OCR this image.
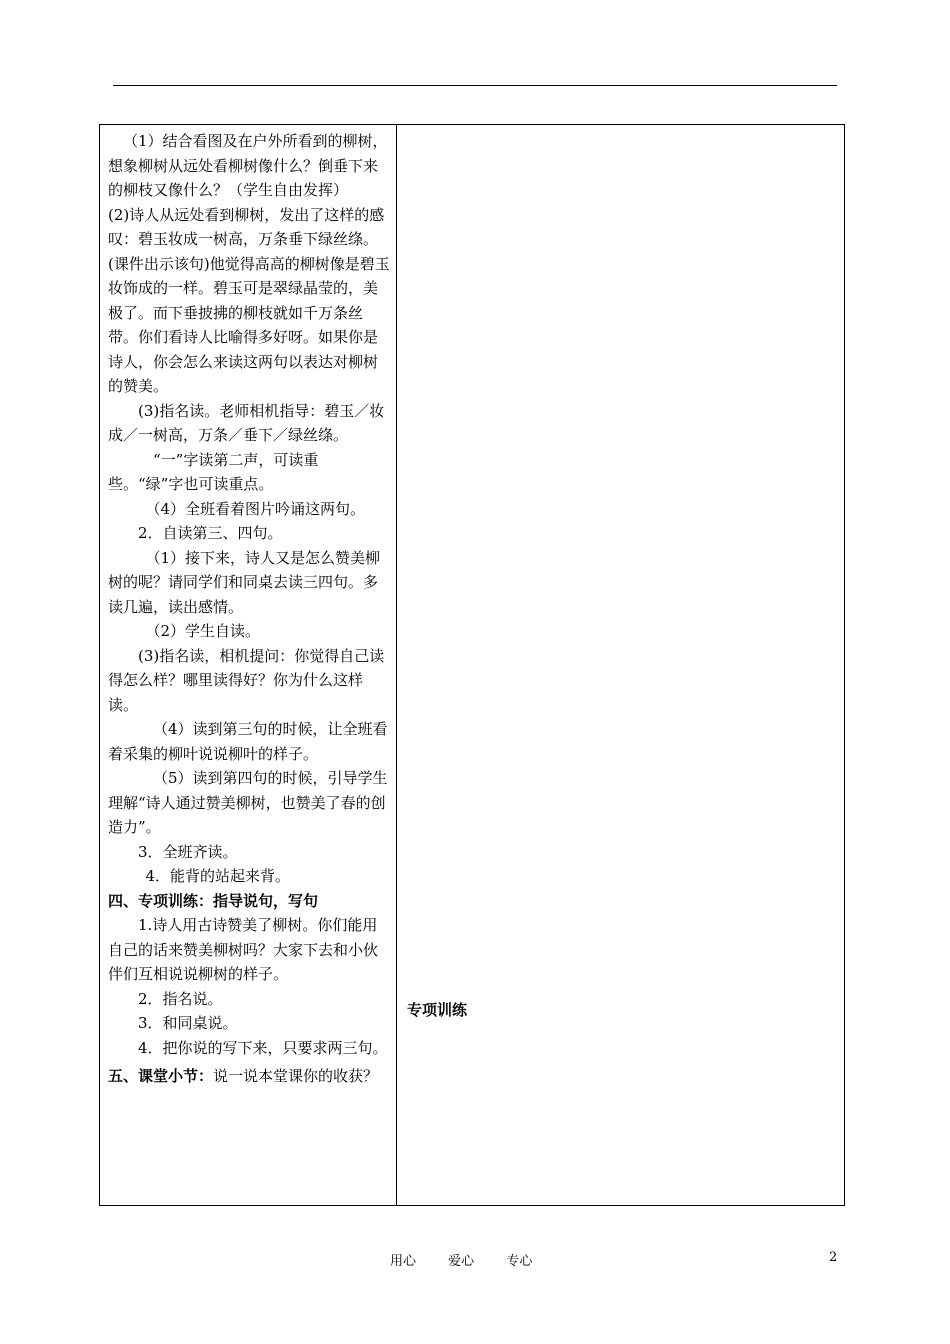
（1）结合看图及在户外所看到的柳树，想象柳树从远处看柳树像什么？倒垂下来的柳枝又像什么？（学生自由发挥）

(2)诗人从远处看到柳树，发出了这样的感叹：碧玉妆成一树高，万条垂下绿丝绦。(课件出示该句)他觉得高高的柳树像是碧玉妆饰成的一样。碧玉可是翠绿晶莹的，美极了。而下垂披拂的柳枝就如千万条丝带。你们看诗人比喻得多好呀。如果你是诗人，你会怎么来读这两句以表达对柳树的赞美。

(3)指名读。老师相机指导：碧玉／妆成／一树高，万条／垂下／绿丝绦。

“一”字读第二声，可读重些。“绿”字也可读重点。

（4）全班看着图片吟诵这两句。

2．自读第三、四句。

（1）接下来，诗人又是怎么赞美柳树的呢？请同学们和同桌去读三四句。多读几遍，读出感情。

（2）学生自读。

(3)指名读，相机提问：你觉得自己读得怎么样？哪里读得好？你为什么这样读。

（4）读到第三句的时候，让全班看着采集的柳叶说说柳叶的样子。

（5）读到第四句的时候，引导学生理解“诗人通过赞美柳树，也赞美了春的创造力”。

3．全班齐读。

4．能背的站起来背。

四、专项训练：指导说句，写句

1.诗人用古诗赞美了柳树。你们能用自己的话来赞美柳树吗？大家下去和小伙伴们互相说说柳树的样子。

2．指名说。

3．和同桌说。

4．把你说的写下来，只要求两三句。

五、课堂小节：说一说本堂课你的收获？

专项训练
用心 爱心 专心	2
